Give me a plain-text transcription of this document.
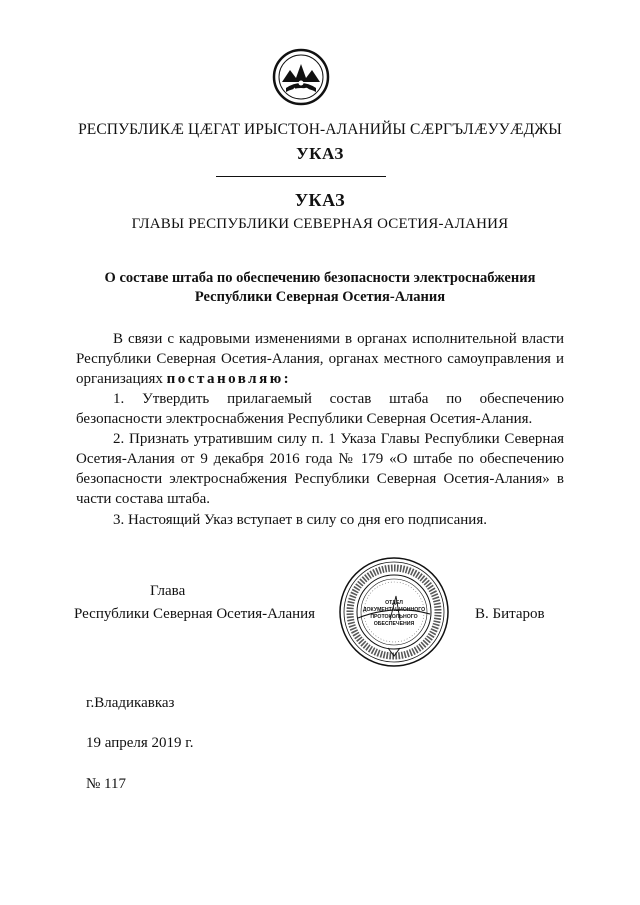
РЕСПУБЛИКӔ ЦӔГАТ ИРЫСТОН-АЛАНИЙЫ СӔРГЪЛӔУУӔДЖЫ
УКАЗ
УКАЗ
ГЛАВЫ РЕСПУБЛИКИ СЕВЕРНАЯ ОСЕТИЯ-АЛАНИЯ
О составе штаба по обеспечению безопасности электроснабжения
Республики Северная Осетия-Алания
В связи с кадровыми изменениями в органах исполнительной власти Республики Северная Осетия-Алания, органах местного самоуправления и организациях постановляю:
1. Утвердить прилагаемый состав штаба по обеспечению безопасности электроснабжения Республики Северная Осетия-Алания.
2. Признать утратившим силу п. 1 Указа Главы Республики Северная Осетия-Алания от 9 декабря 2016 года № 179 «О штабе по обеспечению безопасности электроснабжения Республики Северная Осетия-Алания» в части состава штаба.
3. Настоящий Указ вступает в силу со дня его подписания.
Глава
Республики Северная Осетия-Алания
ОТДЕЛ
ДОКУМЕНТАЦИОННОГО
ПРОТОКОЛЬНОГО
ОБЕСПЕЧЕНИЯ
В. Битаров
г.Владикавказ
19 апреля 2019 г.
№ 117
